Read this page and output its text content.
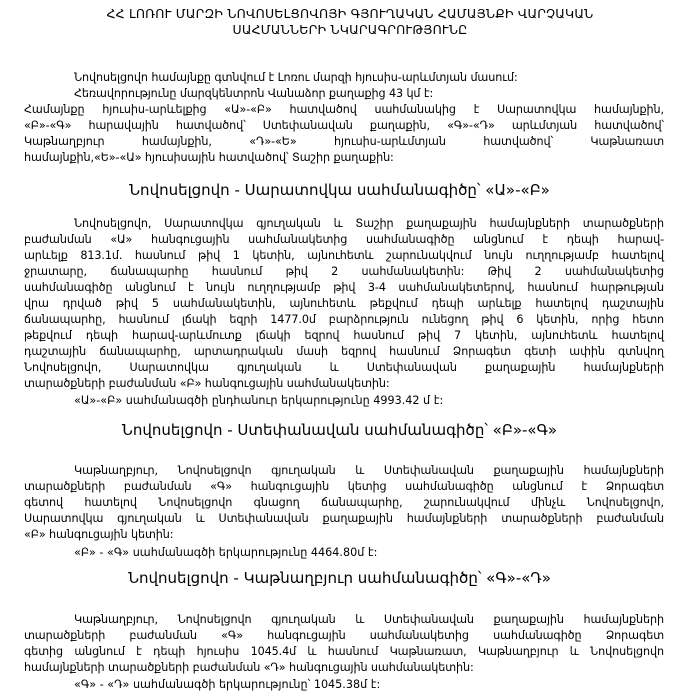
ՀՀ ԼՈՌՈՒ ՄԱՐԶԻ ՆՈՎՈՍԵԼՑՈՎՈՅԻ ԳՅՈՒՂԱԿԱՆ ՀԱՄԱՅՆՔԻ ՎԱՐՉԱԿԱՆ
ՍԱՀՄԱՆՆԵՐԻ ՆԿԱՐԱԳՐՈՒԹՅՈՒՆԸ
Նովոսելցովո համայնքը գտնվում է Լոռու մարզի հյուսիս-արևմտյան մասում:
Հեռավորությունը մարզկենտրոն Վանաձոր քաղաքից 43 կմ է:
Համայնքը հյուսիս-արևելքից «Ա»-«Բ» հատվածով սահմանակից է Սարատովկա համայնքին,
«Բ»-«Գ» հարավային հատվածով՝ Ստեփանավան քաղաքին, «Գ»-«Դ» արևմտյան հատվածով՝
Կաթնաղբյուր համայնքին, «Դ»-«Ե» հյուսիս-արևմտյան հատվածով՝ Կաթնառատ
համայնքին,«Ե»-«Ա» հյուսիսային հատվածով՝ Տաշիր քաղաքին:
Նովոսելցովո - Սարատովկա սահմանագիծը՝ «Ա»-«Բ»
Նովոսելցովո, Սարատովկա գյուղական և Տաշիր քաղաքային համայնքների տարածքների
բաժանման «Ա» հանգուցային սահմանակետից սահմանագիծը անցնում է դեպի հարավ-
արևելք 813.1մ. հասնում թիվ 1 կետին, այնուհետև շարունակվում նույն ուղղությամբ հատելով
ջրատարը, ճանապարհը հասնում թիվ 2 սահմանակետին: Թիվ 2 սահմանակետից
սահմանագիծը անցնում է նույն ուղղությամբ թիվ 3-4 սահմանակետերով, հասնում հարթության
վրա դրված թիվ 5 սահմանակետին, այնուհետև թեքվում դեպի արևելք հատելով դաշտային
ճանապարհը, հասնում լճակի եզրի 1477.0մ բարձրություն ունեցող թիվ 6 կետին, որից հետո
թեքվում դեպի հարավ-արևմուտք լճակի եզրով հասնում թիվ 7 կետին, այնուհետև հատելով
դաշտային ճանապարհը, արտադրական մասի եզրով հասնում Ձորագետ գետի ափին գտնվող
Նովոսելցովո, Սարատովկա գյուղական և Ստեփանավան քաղաքային համայնքների
տարածքների բաժանման «Բ» հանգուցային սահմանակետին:
«Ա»-«Բ» սահմանագծի ընդհանուր երկարությունը 4993.42 մ է:
Նովոսելցովո - Ստեփանավան սահմանագիծը՝ «Բ»-«Գ»
Կաթնաղբյուր, Նովոսելցովո գյուղական և Ստեփանավան քաղաքային համայնքների
տարածքների բաժանման «Գ» հանգուցային կետից սահմանագիծը անցնում է Ձորագետ
գետով հատելով Նովոսելցովո գնացող ճանապարհը, շարունակվում մինչև Նովոսելցովո,
Սարատովկա գյուղական և Ստեփանավան քաղաքային համայնքների տարածքների բաժանման
«Բ» հանգուցային կետին:
«Բ» - «Գ» սահմանագծի երկարությունը 4464.80մ է:
Նովոսելցովո - Կաթնաղբյուր սահմանագիծը՝ «Գ»-«Դ»
Կաթնաղբյուր, Նովոսելցովո գյուղական և Ստեփանավան քաղաքային համայնքների
տարածքների բաժանման «Գ» հանգուցային սահմանակետից սահմանագիծը Ձորագետ
գետից անցնում է դեպի հյուսիս 1045.4մ և հասնում Կաթնառատ, Կաթնաղբյուր և Նովոսելցովո
համայնքների տարածքների բաժանման «Դ» հանգուցային սահմանակետին:
«Գ» - «Դ» սահմանագծի երկարությունը՝ 1045.38մ է:
